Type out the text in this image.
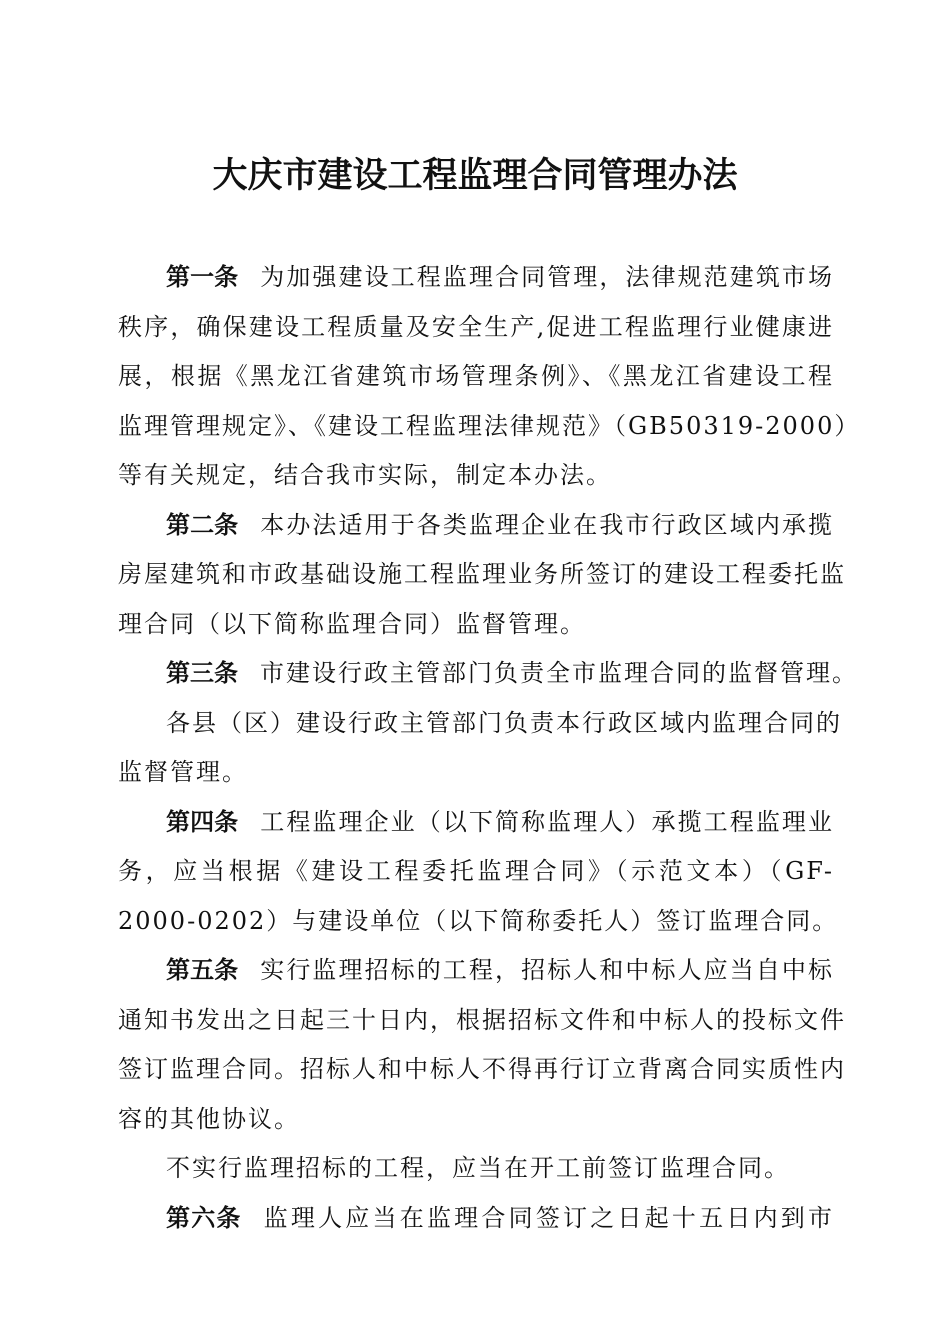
大庆市建设工程监理合同管理办法
第一条 为加强建设工程监理合同管理，法律规范建筑市场
秩序，确保建设工程质量及安全生产,促进工程监理行业健康进
展，根据《黑龙江省建筑市场管理条例》、《黑龙江省建设工程
监理管理规定》、《建设工程监理法律规范》（GB50319-2000）
等有关规定，结合我市实际，制定本办法。
第二条 本办法适用于各类监理企业在我市行政区域内承揽
房屋建筑和市政基础设施工程监理业务所签订的建设工程委托监
理合同（以下简称监理合同）监督管理。
第三条 市建设行政主管部门负责全市监理合同的监督管理。
各县（区）建设行政主管部门负责本行政区域内监理合同的
监督管理。
第四条 工程监理企业（以下简称监理人）承揽工程监理业
务，应当根据《建设工程委托监理合同》（示范文本）（GF-
2000-0202）与建设单位（以下简称委托人）签订监理合同。
第五条 实行监理招标的工程，招标人和中标人应当自中标
通知书发出之日起三十日内，根据招标文件和中标人的投标文件
签订监理合同。招标人和中标人不得再行订立背离合同实质性内
容的其他协议。
不实行监理招标的工程，应当在开工前签订监理合同。
第六条 监理人应当在监理合同签订之日起十五日内到市
